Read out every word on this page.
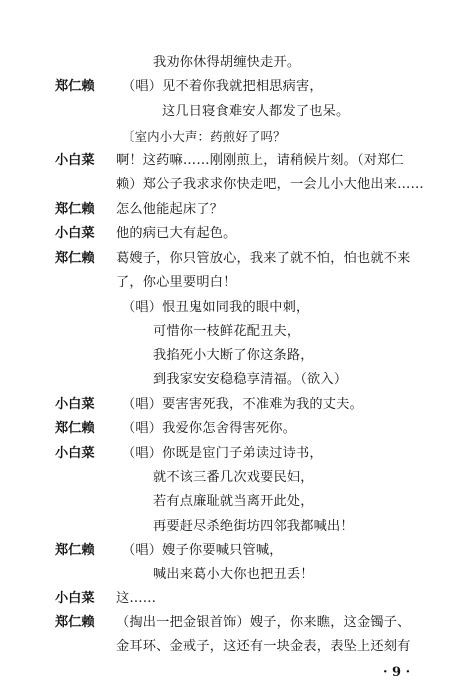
我劝你休得胡缠快走开。
（唱）见不着你我就把相思病害，
这几日寝食难安人都发了也呆。
〔室内小大声：药煎好了吗？
啊！这药嘛……刚刚煎上，请稍候片刻。（对郑仁
赖）郑公子我求求你快走吧，一会儿小大他出来……
怎么他能起床了？
他的病已大有起色。
葛嫂子，你只管放心，我来了就不怕，怕也就不来
了，你心里要明白！
（唱）恨丑鬼如同我的眼中刺，
可惜你一枝鲜花配丑夫，
我掐死小大断了你这条路，
到我家安安稳稳享清福。（欲入）
（唱）要害害死我，不准难为我的丈夫。
（唱）我爱你怎舍得害死你。
（唱）你既是宦门子弟读过诗书，
就不该三番几次戏要民妇，
若有点廉耻就当离开此处，
再要赶尽杀绝街坊四邻我都喊出！
（唱）嫂子你要喊只管喊，
喊出来葛小大你也把丑丢！
这……
（掏出一把金银首饰）嫂子，你来瞧，这金镯子、
金耳环、金戒子，这还有一块金表，表坠上还刻有
郑仁赖
小白菜
郑仁赖
小白菜
郑仁赖
小白菜
郑仁赖
小白菜
郑仁赖
小白菜
郑仁赖
· 9 ·
